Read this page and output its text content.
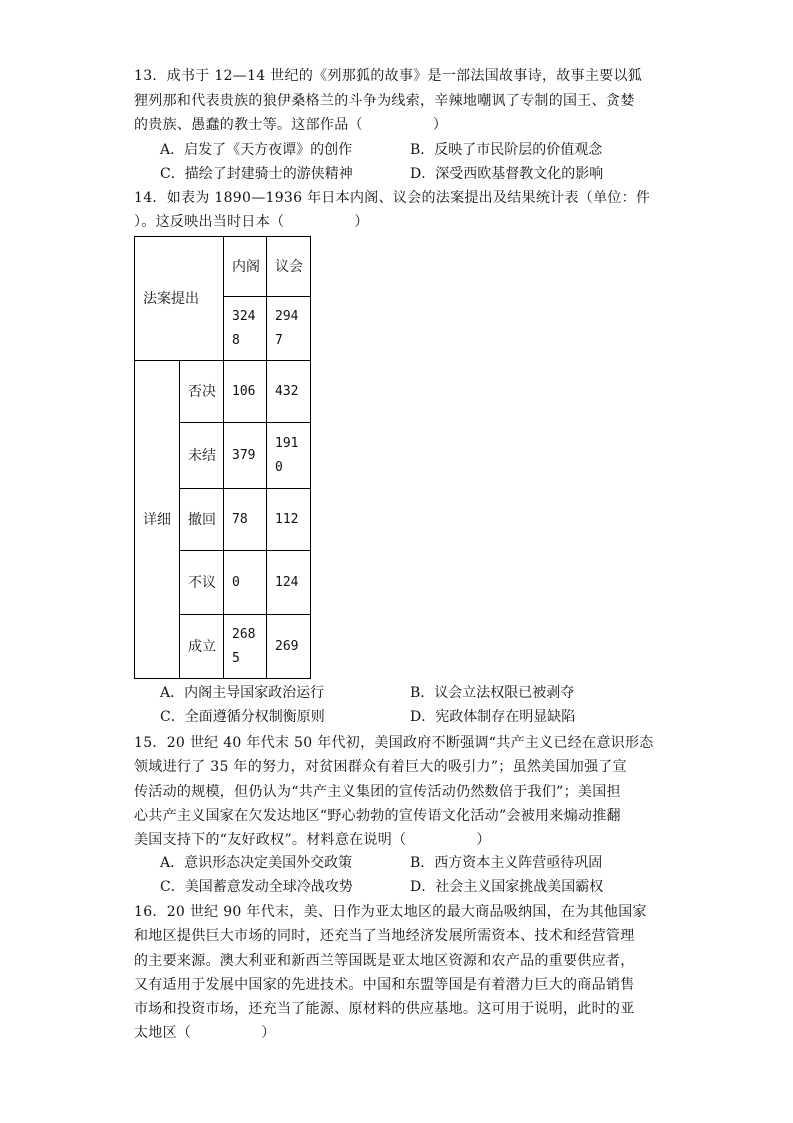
13．成书于 12—14 世纪的《列那狐的故事》是一部法国故事诗，故事主要以狐
狸列那和代表贵族的狼伊桑格兰的斗争为线索，辛辣地嘲讽了专制的国王、贪婪
的贵族、愚蠢的教士等。这部作品（	）
A．启发了《天方夜谭》的创作	B．反映了市民阶层的价值观念
C．描绘了封建骑士的游侠精神	D．深受西欧基督教文化的影响
14．如表为 1890—1936 年日本内阁、议会的法案提出及结果统计表（单位：件
）。这反映出当时日本（	）
法案提出		内阁	议会

3248	2947

详细	否决	106	432

未结	379	1910

撤回	78	112

不议	0	124

成立	2685	269
A．内阁主导国家政治运行	B．议会立法权限已被剥夺
C．全面遵循分权制衡原则	D．宪政体制存在明显缺陷
15．20 世纪 40 年代末 50 年代初，美国政府不断强调“共产主义已经在意识形态
领域进行了 35 年的努力，对贫困群众有着巨大的吸引力”；虽然美国加强了宣
传活动的规模，但仍认为“共产主义集团的宣传活动仍然数倍于我们”；美国担
心共产主义国家在欠发达地区“野心勃勃的宣传语文化活动”会被用来煽动推翻
美国支持下的“友好政权”。材料意在说明（	）
A．意识形态决定美国外交政策	B．西方资本主义阵营亟待巩固
C．美国蓄意发动全球冷战攻势	D．社会主义国家挑战美国霸权
16．20 世纪 90 年代末，美、日作为亚太地区的最大商品吸纳国，在为其他国家
和地区提供巨大市场的同时，还充当了当地经济发展所需资本、技术和经营管理
的主要来源。澳大利亚和新西兰等国既是亚太地区资源和农产品的重要供应者，
又有适用于发展中国家的先进技术。中国和东盟等国是有着潜力巨大的商品销售
市场和投资市场，还充当了能源、原材料的供应基地。这可用于说明，此时的亚
太地区（	）
